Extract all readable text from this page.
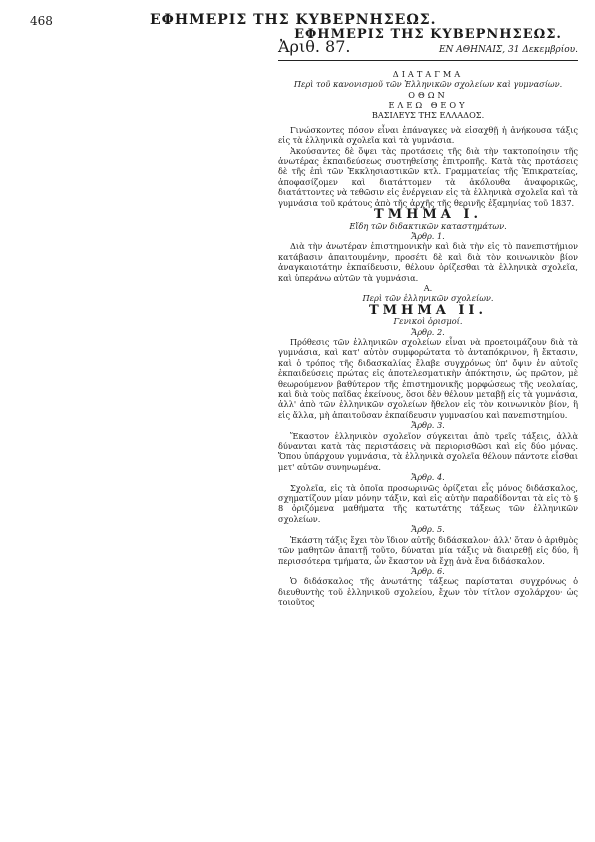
468	ΕΦΗΜΕΡΙΣ ΤΗΣ ΚΥΒΕΡΝΗΣΕΩΣ.
ΕΦΗΜΕΡΙΣ ΤΗΣ ΚΥΒΕΡΝΗΣΕΩΣ.
Ἀριθ. 87.	ΕΝ ΑΘΗΝΑΙΣ, 31 Δεκεμβρίου.
ΔΙΑΤΑΓΜΑ
Περὶ τοῦ κανονισμοῦ τῶν Ἑλληνικῶν σχολείων καὶ γυμνασίων.
ΟΘΩΝ
ΕΛΕΩ ΘΕΟΥ
ΒΑΣΙΛΕΥΣ ΤΗΣ ΕΛΛΑΔΟΣ.

Γινώσκοντες πόσον εἶναι ἐπάναγκες νὰ εἰσαχθῇ ἡ ἀνήκουσα τάξις εἰς τὰ ἑλληνικὰ σχολεῖα καὶ τὰ γυμνάσια.

Ἀκούσαντες δὲ ὅψει τὰς προτάσεις τῆς διὰ τὴν τακτοποίησιν τῆς ἀνωτέρας ἐκπαιδεύσεως συστηθείσης ἐπιτροπῆς. Κατὰ τὰς προτάσεις δὲ τῆς ἐπὶ τῶν Ἐκκλησιαστικῶν κτλ. Γραμματείας τῆς Ἐπικρατείας, ἀποφασίζομεν καὶ διατάττομεν τὰ ἀκόλουθα ἀναφορικῶς, διατάττοντες νὰ τεθῶσιν εἰς ἐνέργειαν εἰς τὰ ἑλληνικὰ σχολεῖα καὶ τὰ γυμνάσια τοῦ κράτους ἀπὸ τῆς ἀρχῆς τῆς θερινῆς ἑξαμηνίας τοῦ 1837.

ΤΜΗΜΑ Ι.
Εἴδη τῶν διδακτικῶν καταστημάτων.
Ἄρθρ. 1.

Διὰ τὴν ἀνωτέραν ἐπιστημονικὴν καὶ διὰ τὴν εἰς τὸ πανεπιστήμιον κατάβασιν ἀπαιτουμένην, προσέτι δὲ καὶ διὰ τὸν κοινωνικὸν βίον ἀναγκαιοτάτην ἐκπαίδευσιν, θέλουν ὁρίζεσθαι τὰ ἑλληνικὰ σχολεῖα, καὶ ὑπεράνω αὐτῶν τὰ γυμνάσια.

Α.
Περὶ τῶν ἑλληνικῶν σχολείων.
ΤΜΗΜΑ ΙΙ.
Γενικοὶ ὁρισμοί.
Ἄρθρ. 2.

Πρόθεσις τῶν ἑλληνικῶν σχολείων εἶναι νὰ προετοιμάζουν διὰ τὰ γυμνάσια, καὶ κατ' αὐτὸν συμφορώτατα τὸ ἀνταπόκρινον, ἢ ἔκτασιν, καὶ ὁ τρόπος τῆς διδασκαλίας ἔλαβε συγχρόνως ὑπ' ὄψιν ἐν αὐτοῖς ἐκπαιδεύσεις πρώτας εἰς ἀποτελεσματικὴν ἀπόκτησιν, ὡς πρῶτον, μὲ θεωρούμενον βαθύτερον τῆς ἐπιστημονικῆς μορφώσεως τῆς νεολαίας, καὶ διὰ τοὺς παῖδας ἐκείνους, ὅσοι δὲν θέλουν μεταβῇ εἰς τὰ γυμνάσια, ἀλλ' ἀπὸ τῶν ἑλληνικῶν σχολείων ἤθελον εἰς τὸν κοινωνικὸν βίον, ἢ εἰς ἄλλα, μὴ ἀπαιτοῦσαν ἐκπαίδευσιν γυμνασίου καὶ πανεπιστημίου.

Ἄρθρ. 3.

Ἕκαστον ἑλληνικὸν σχολεῖον σύγκειται ἀπὸ τρεῖς τάξεις, ἀλλὰ δύνανται κατὰ τὰς περιστάσεις νὰ περιορισθῶσι καὶ εἰς δύο μόνας. Ὅπου ὑπάρχουν γυμνάσια, τὰ ἑλληνικὰ σχολεῖα θέλουν πάντοτε εἶσθαι μετ' αὐτῶν συνηνωμένα.

Ἄρθρ. 4.

Σχολεῖα, εἰς τὰ ὁποῖα προσωρινῶς ὁρίζεται εἷς μόνος διδάσκαλος, σχηματίζουν μίαν μόνην τάξιν, καὶ εἰς αὐτὴν παραδίδονται τὰ εἰς τὸ § 8 ὁριζόμενα μαθήματα τῆς κατωτάτης τάξεως τῶν ἑλληνικῶν σχολείων.

Ἄρθρ. 5.

Ἑκάστη τάξις ἔχει τὸν ἴδιον αὐτῆς διδάσκαλον· ἀλλ' ὅταν ὁ ἀριθμὸς τῶν μαθητῶν ἀπαιτῇ τοῦτο, δύναται μία τάξις νὰ διαιρεθῇ εἰς δύο, ἢ περισσότερα τμήματα, ὧν ἕκαστον νὰ ἔχῃ ἀνὰ ἕνα διδάσκαλον.

Ἄρθρ. 6.

Ὁ διδάσκαλος τῆς ἀνωτάτης τάξεως παρίσταται συγχρόνως ὁ διευθυντὴς τοῦ ἑλληνικοῦ σχολείου, ἔχων τὸν τίτλον σχολάρχου· ὡς τοιοῦτος
